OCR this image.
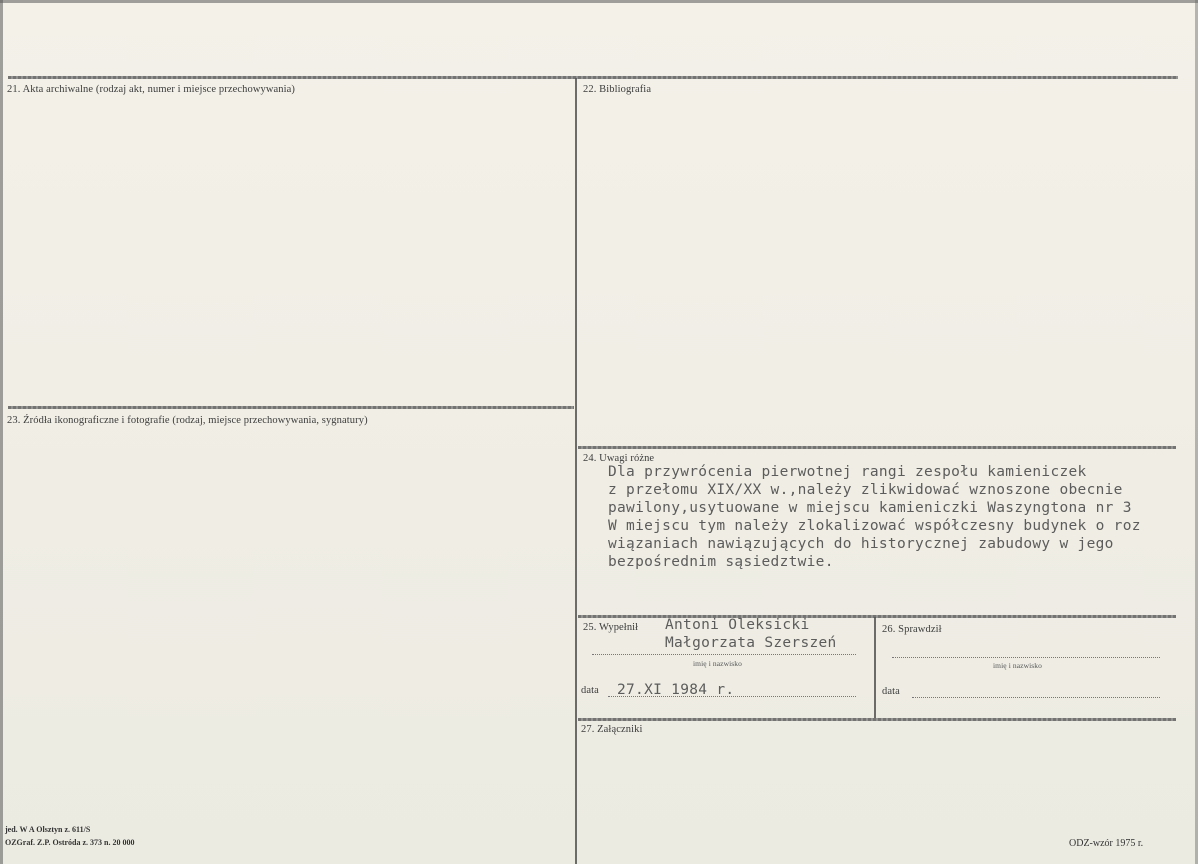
21. Akta archiwalne (rodzaj akt, numer i miejsce przechowywania)	22. Bibliografia
23. Źródła ikonograficzne i fotografie (rodzaj, miejsce przechowywania, sygnatury)
24. Uwagi różne
Dla przywrócenia pierwotnej rangi zespołu kamieniczek
z przełomu XIX/XX w.,należy zlikwidować wznoszone obecnie
pawilony,usytuowane w miejscu kamieniczki Waszyngtona nr 3
W miejscu tym należy zlokalizować współczesny budynek o roz
wiązaniach nawiązujących do historycznej zabudowy w jego
bezpośrednim sąsiedztwie.
25. Wypełnił Antoni Oleksicki
Małgorzata Szerszeń
imię i nazwisko
data 27.XI 1984 r.
26. Sprawdził
imię i nazwisko
data
27. Załączniki
jed. W A Olsztyn z. 611/S
OZGraf. Z.P. Ostróda z. 373 n. 20 000	ODZ-wzór 1975 r.
